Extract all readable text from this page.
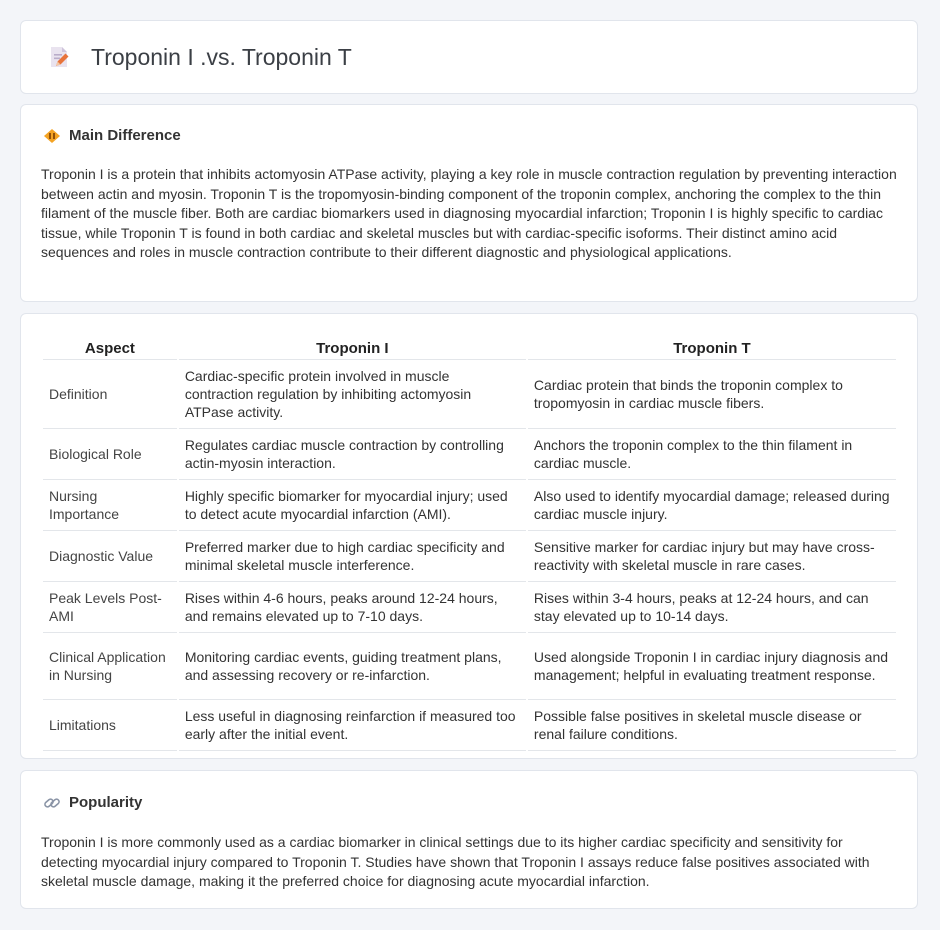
Troponin I .vs. Troponin T
Main Difference

Troponin I is a protein that inhibits actomyosin ATPase activity, playing a key role in muscle contraction regulation by preventing interaction between actin and myosin. Troponin T is the tropomyosin-binding component of the troponin complex, anchoring the complex to the thin filament of the muscle fiber. Both are cardiac biomarkers used in diagnosing myocardial infarction; Troponin I is highly specific to cardiac tissue, while Troponin T is found in both cardiac and skeletal muscles but with cardiac-specific isoforms. Their distinct amino acid sequences and roles in muscle contraction contribute to their different diagnostic and physiological applications.

Aspect	Troponin I	Troponin T
Definition	Cardiac-specific protein involved in muscle contraction regulation by inhibiting actomyosin ATPase activity.	Cardiac protein that binds the troponin complex to tropomyosin in cardiac muscle fibers.
Biological Role	Regulates cardiac muscle contraction by controlling actin-myosin interaction.	Anchors the troponin complex to the thin filament in cardiac muscle.
Nursing Importance	Highly specific biomarker for myocardial injury; used to detect acute myocardial infarction (AMI).	Also used to identify myocardial damage; released during cardiac muscle injury.
Diagnostic Value	Preferred marker due to high cardiac specificity and minimal skeletal muscle interference.	Sensitive marker for cardiac injury but may have cross-reactivity with skeletal muscle in rare cases.
Peak Levels Post-AMI	Rises within 4-6 hours, peaks around 12-24 hours, and remains elevated up to 7-10 days.	Rises within 3-4 hours, peaks at 12-24 hours, and can stay elevated up to 10-14 days.
Clinical Application in Nursing	Monitoring cardiac events, guiding treatment plans, and assessing recovery or re-infarction.	Used alongside Troponin I in cardiac injury diagnosis and management; helpful in evaluating treatment response.
Limitations	Less useful in diagnosing reinfarction if measured too early after the initial event.	Possible false positives in skeletal muscle disease or renal failure conditions.
Popularity

Troponin I is more commonly used as a cardiac biomarker in clinical settings due to its higher cardiac specificity and sensitivity for detecting myocardial injury compared to Troponin T. Studies have shown that Troponin I assays reduce false positives associated with skeletal muscle damage, making it the preferred choice for diagnosing acute myocardial infarction.
